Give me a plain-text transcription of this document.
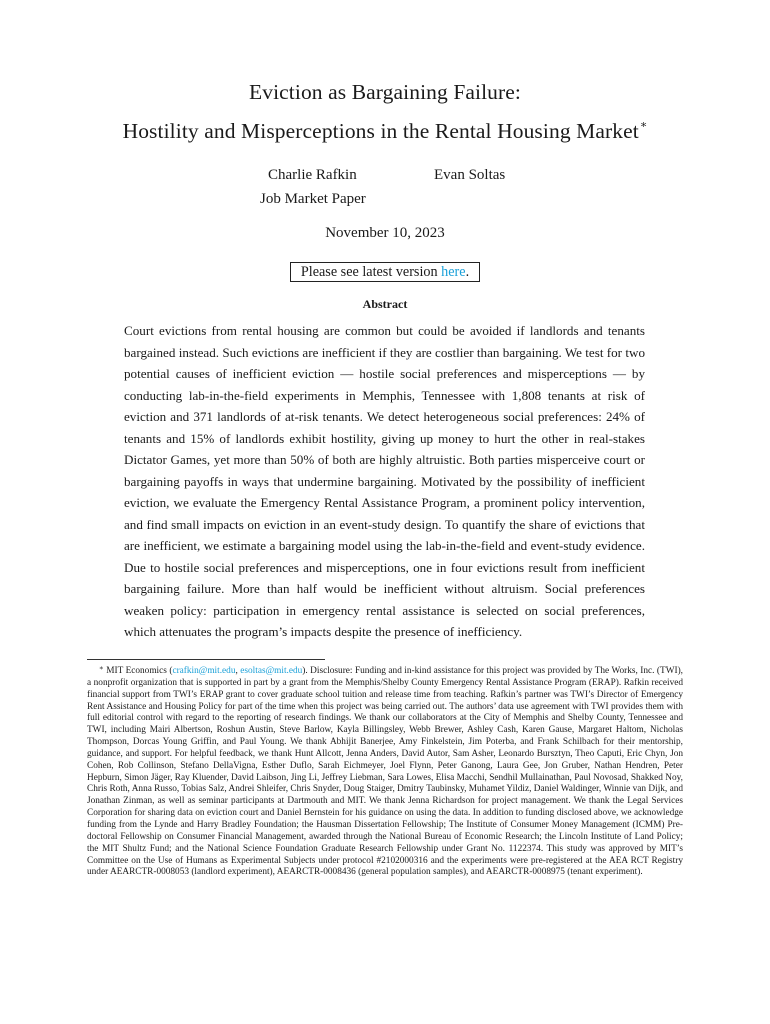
Eviction as Bargaining Failure:
Hostility and Misperceptions in the Rental Housing Market∗
Charlie Rafkin
Job Market Paper
Evan Soltas
November 10, 2023
Please see latest version here.
Abstract

Court evictions from rental housing are common but could be avoided if landlords and tenants bargained instead. Such evictions are inefficient if they are costlier than bargaining. We test for two potential causes of inefficient eviction — hostile social preferences and misperceptions — by conducting lab-in-the-field experiments in Memphis, Tennessee with 1,808 tenants at risk of eviction and 371 landlords of at-risk tenants. We detect heterogeneous social preferences: 24% of tenants and 15% of landlords exhibit hostility, giving up money to hurt the other in real-stakes Dictator Games, yet more than 50% of both are highly altruistic. Both parties misperceive court or bargaining payoffs in ways that undermine bargaining. Motivated by the possibility of inefficient eviction, we evaluate the Emergency Rental Assistance Program, a prominent policy intervention, and find small impacts on eviction in an event-study design. To quantify the share of evictions that are inefficient, we estimate a bargaining model using the lab-in-the-field and event-study evidence. Due to hostile social preferences and misperceptions, one in four evictions result from inefficient bargaining failure. More than half would be inefficient without altruism. Social preferences weaken policy: participation in emergency rental assistance is selected on social preferences, which attenuates the program’s impacts despite the presence of inefficiency.

∗ MIT Economics (crafkin@mit.edu, esoltas@mit.edu). Disclosure: Funding and in-kind assistance for this project was provided by The Works, Inc. (TWI), a nonprofit organization that is supported in part by a grant from the Memphis/Shelby County Emergency Rental Assistance Program (ERAP). Rafkin received financial support from TWI’s ERAP grant to cover graduate school tuition and release time from teaching. Rafkin’s partner was TWI’s Director of Emergency Rent Assistance and Housing Policy for part of the time when this project was being carried out. The authors’ data use agreement with TWI provides them with full editorial control with regard to the reporting of research findings. We thank our collaborators at the City of Memphis and Shelby County, Tennessee and TWI, including Mairi Albertson, Roshun Austin, Steve Barlow, Kayla Billingsley, Webb Brewer, Ashley Cash, Karen Gause, Margaret Haltom, Nicholas Thompson, Dorcas Young Griffin, and Paul Young. We thank Abhijit Banerjee, Amy Finkelstein, Jim Poterba, and Frank Schilbach for their mentorship, guidance, and support. For helpful feedback, we thank Hunt Allcott, Jenna Anders, David Autor, Sam Asher, Leonardo Bursztyn, Theo Caputi, Eric Chyn, Jon Cohen, Rob Collinson, Stefano DellaVigna, Esther Duflo, Sarah Eichmeyer, Joel Flynn, Peter Ganong, Laura Gee, Jon Gruber, Nathan Hendren, Peter Hepburn, Simon Jäger, Ray Kluender, David Laibson, Jing Li, Jeffrey Liebman, Sara Lowes, Elisa Macchi, Sendhil Mullainathan, Paul Novosad, Shakked Noy, Chris Roth, Anna Russo, Tobias Salz, Andrei Shleifer, Chris Snyder, Doug Staiger, Dmitry Taubinsky, Muhamet Yildiz, Daniel Waldinger, Winnie van Dijk, and Jonathan Zinman, as well as seminar participants at Dartmouth and MIT. We thank Jenna Richardson for project management. We thank the Legal Services Corporation for sharing data on eviction court and Daniel Bernstein for his guidance on using the data. In addition to funding disclosed above, we acknowledge funding from the Lynde and Harry Bradley Foundation; the Hausman Dissertation Fellowship; The Institute of Consumer Money Management (ICMM) Pre-doctoral Fellowship on Consumer Financial Management, awarded through the National Bureau of Economic Research; the Lincoln Institute of Land Policy; the MIT Shultz Fund; and the National Science Foundation Graduate Research Fellowship under Grant No. 1122374. This study was approved by MIT’s Committee on the Use of Humans as Experimental Subjects under protocol #2102000316 and the experiments were pre-registered at the AEA RCT Registry under AEARCTR-0008053 (landlord experiment), AEARCTR-0008436 (general population samples), and AEARCTR-0008975 (tenant experiment).
